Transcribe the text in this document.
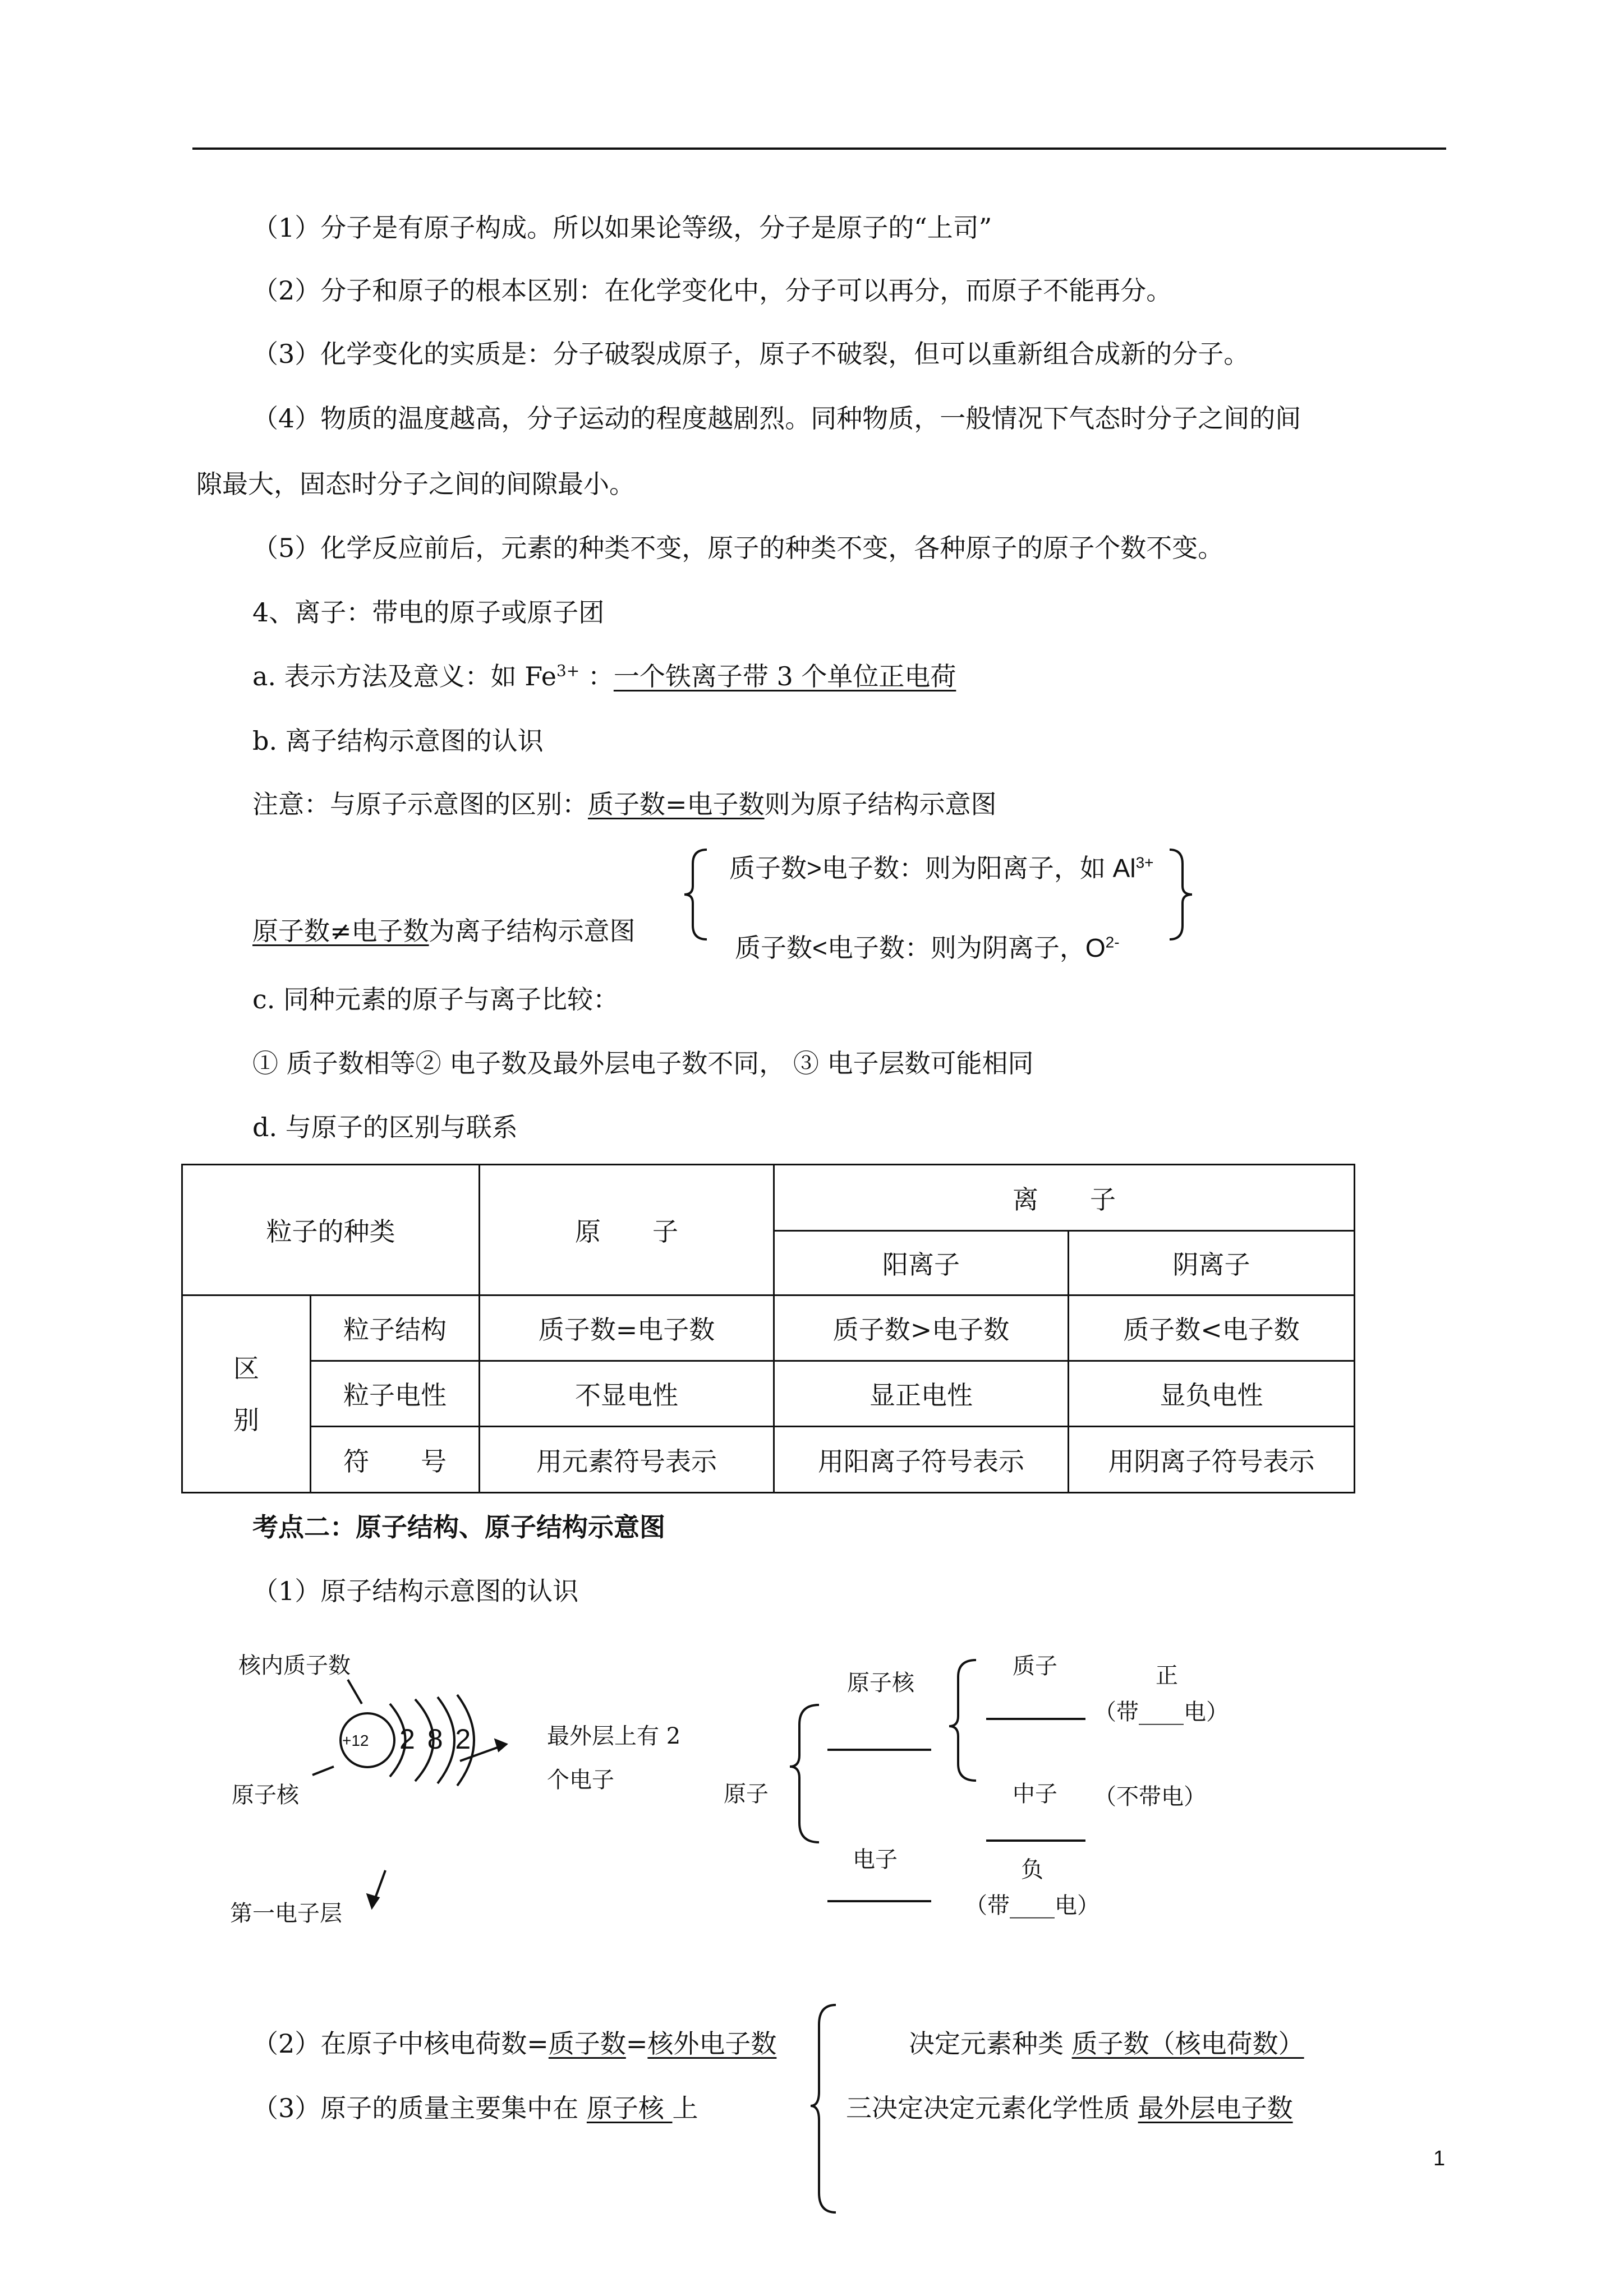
（1）分子是有原子构成。所以如果论等级，分子是原子的“上司”
（2）分子和原子的根本区别：在化学变化中，分子可以再分，而原子不能再分。
（3）化学变化的实质是：分子破裂成原子，原子不破裂，但可以重新组合成新的分子。
（4）物质的温度越高，分子运动的程度越剧烈。同种物质，一般情况下气态时分子之间的间
隙最大，固态时分子之间的间隙最小。
（5）化学反应前后，元素的种类不变，原子的种类不变，各种原子的原子个数不变。
4、离子：带电的原子或原子团
a. 表示方法及意义：如 $Fe^{3+}$ ：一个铁离子带 3 个单位正电荷
b. 离子结构示意图的认识
注意：与原子示意图的区别：质子数=电子数则为原子结构示意图
质子数>电子数：则为阳离子，如 $Al^{3+}$
原子数≠电子数为离子结构示意图
质子数<电子数：则为阴离子，$O^{2-}$
c. 同种元素的原子与离子比较：
① 质子数相等② 电子数及最外层电子数不同， ③ 电子层数可能相同
d. 与原子的区别与联系
粒子的种类		原　　子	离　　子	
			阳离子	阴离子
区
别	粒子结构	质子数=电子数	质子数>电子数	质子数<电子数
	粒子电性	不显电性	显正电性	显负电性
	符　　号	用元素符号表示	用阳离子符号表示	用阴离子符号表示
考点二：原子结构、原子结构示意图
（1）原子结构示意图的认识
核内质子数
+12 2 8 2	最外层上有 2
个电子
原子核
第一电子层
原子核
原子
质子	正
（带____电）
中子 （不带电）
电子	负
（带____电）
（2）在原子中核电荷数=质子数=核外电子数
（3）原子的质量主要集中在 原子核 上
决定元素种类 质子数（核电荷数）
三决定决定元素化学性质 最外层电子数
1
